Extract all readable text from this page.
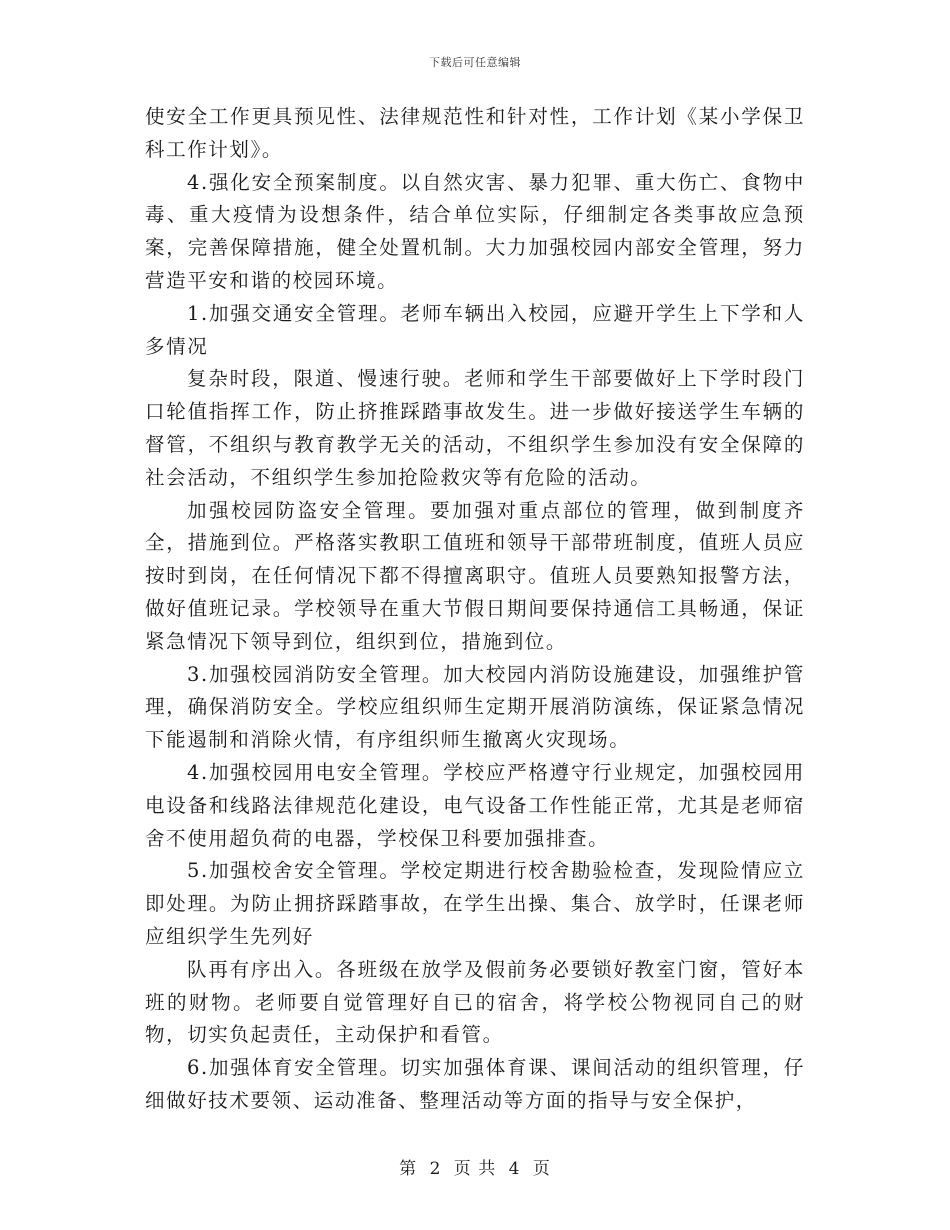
下载后可任意编辑

使安全工作更具预见性、法律规范性和针对性，工作计划《某小学保卫科工作计划》。

4.强化安全预案制度。以自然灾害、暴力犯罪、重大伤亡、食物中毒、重大疫情为设想条件，结合单位实际，仔细制定各类事故应急预案，完善保障措施，健全处置机制。大力加强校园内部安全管理，努力营造平安和谐的校园环境。

1.加强交通安全管理。老师车辆出入校园，应避开学生上下学和人多情况

复杂时段，限道、慢速行驶。老师和学生干部要做好上下学时段门口轮值指挥工作，防止挤推踩踏事故发生。进一步做好接送学生车辆的督管，不组织与教育教学无关的活动，不组织学生参加没有安全保障的社会活动，不组织学生参加抢险救灾等有危险的活动。

加强校园防盗安全管理。要加强对重点部位的管理，做到制度齐全，措施到位。严格落实教职工值班和领导干部带班制度，值班人员应按时到岗，在任何情况下都不得擅离职守。值班人员要熟知报警方法，做好值班记录。学校领导在重大节假日期间要保持通信工具畅通，保证紧急情况下领导到位，组织到位，措施到位。

3.加强校园消防安全管理。加大校园内消防设施建设，加强维护管理，确保消防安全。学校应组织师生定期开展消防演练，保证紧急情况下能遏制和消除火情，有序组织师生撤离火灾现场。

4.加强校园用电安全管理。学校应严格遵守行业规定，加强校园用电设备和线路法律规范化建设，电气设备工作性能正常，尤其是老师宿舍不使用超负荷的电器，学校保卫科要加强排查。

5.加强校舍安全管理。学校定期进行校舍勘验检查，发现险情应立即处理。为防止拥挤踩踏事故，在学生出操、集合、放学时，任课老师应组织学生先列好

队再有序出入。各班级在放学及假前务必要锁好教室门窗，管好本班的财物。老师要自觉管理好自已的宿舍，将学校公物视同自己的财物，切实负起责任，主动保护和看管。

6.加强体育安全管理。切实加强体育课、课间活动的组织管理，仔细做好技术要领、运动准备、整理活动等方面的指导与安全保护，

第 2 页 共 4 页
